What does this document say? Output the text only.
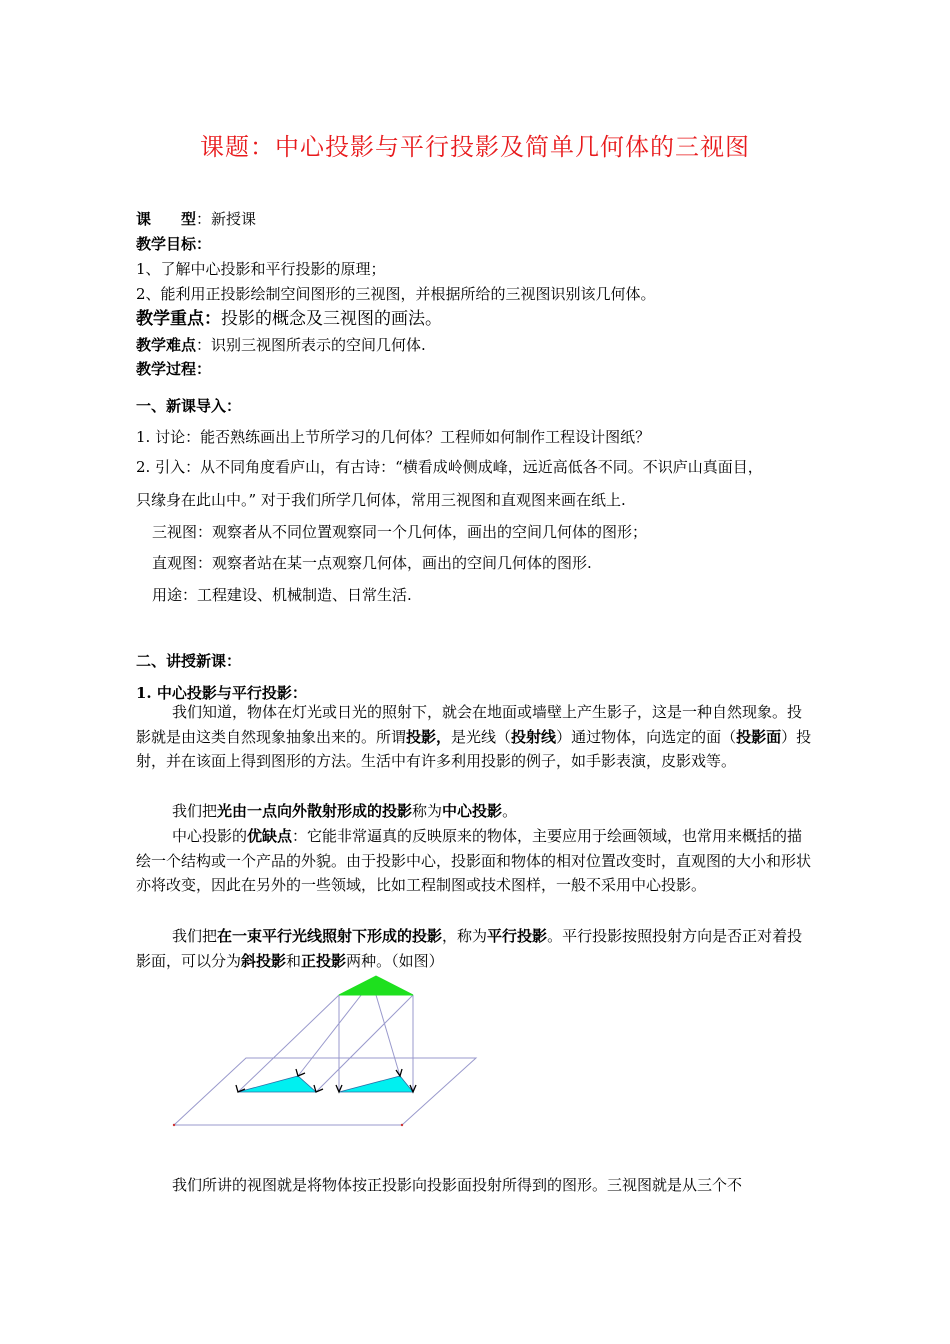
课题：中心投影与平行投影及简单几何体的三视图
课　　型：新授课
教学目标：
1、了解中心投影和平行投影的原理；
2、能利用正投影绘制空间图形的三视图，并根据所给的三视图识别该几何体。
教学重点：投影的概念及三视图的画法。
教学难点：识别三视图所表示的空间几何体.
教学过程：
一、新课导入：
1. 讨论：能否熟练画出上节所学习的几何体？工程师如何制作工程设计图纸？
2. 引入：从不同角度看庐山，有古诗：“横看成岭侧成峰，远近高低各不同。不识庐山真面目，
只缘身在此山中。” 对于我们所学几何体，常用三视图和直观图来画在纸上.
三视图：观察者从不同位置观察同一个几何体，画出的空间几何体的图形；
直观图：观察者站在某一点观察几何体，画出的空间几何体的图形.
用途：工程建设、机械制造、日常生活.
二、讲授新课：
1. 中心投影与平行投影：
我们知道，物体在灯光或日光的照射下，就会在地面或墙壁上产生影子，这是一种自然现象。投影就是由这类自然现象抽象出来的。所谓投影，是光线（投射线）通过物体，向选定的面（投影面）投射，并在该面上得到图形的方法。生活中有许多利用投影的例子，如手影表演，皮影戏等。
我们把光由一点向外散射形成的投影称为中心投影。
中心投影的优缺点：它能非常逼真的反映原来的物体，主要应用于绘画领域，也常用来概括的描绘一个结构或一个产品的外貌。由于投影中心，投影面和物体的相对位置改变时，直观图的大小和形状亦将改变，因此在另外的一些领域，比如工程制图或技术图样，一般不采用中心投影。
我们把在一束平行光线照射下形成的投影，称为平行投影。平行投影按照投射方向是否正对着投影面，可以分为斜投影和正投影两种。（如图）
我们所讲的视图就是将物体按正投影向投影面投射所得到的图形。三视图就是从三个不
